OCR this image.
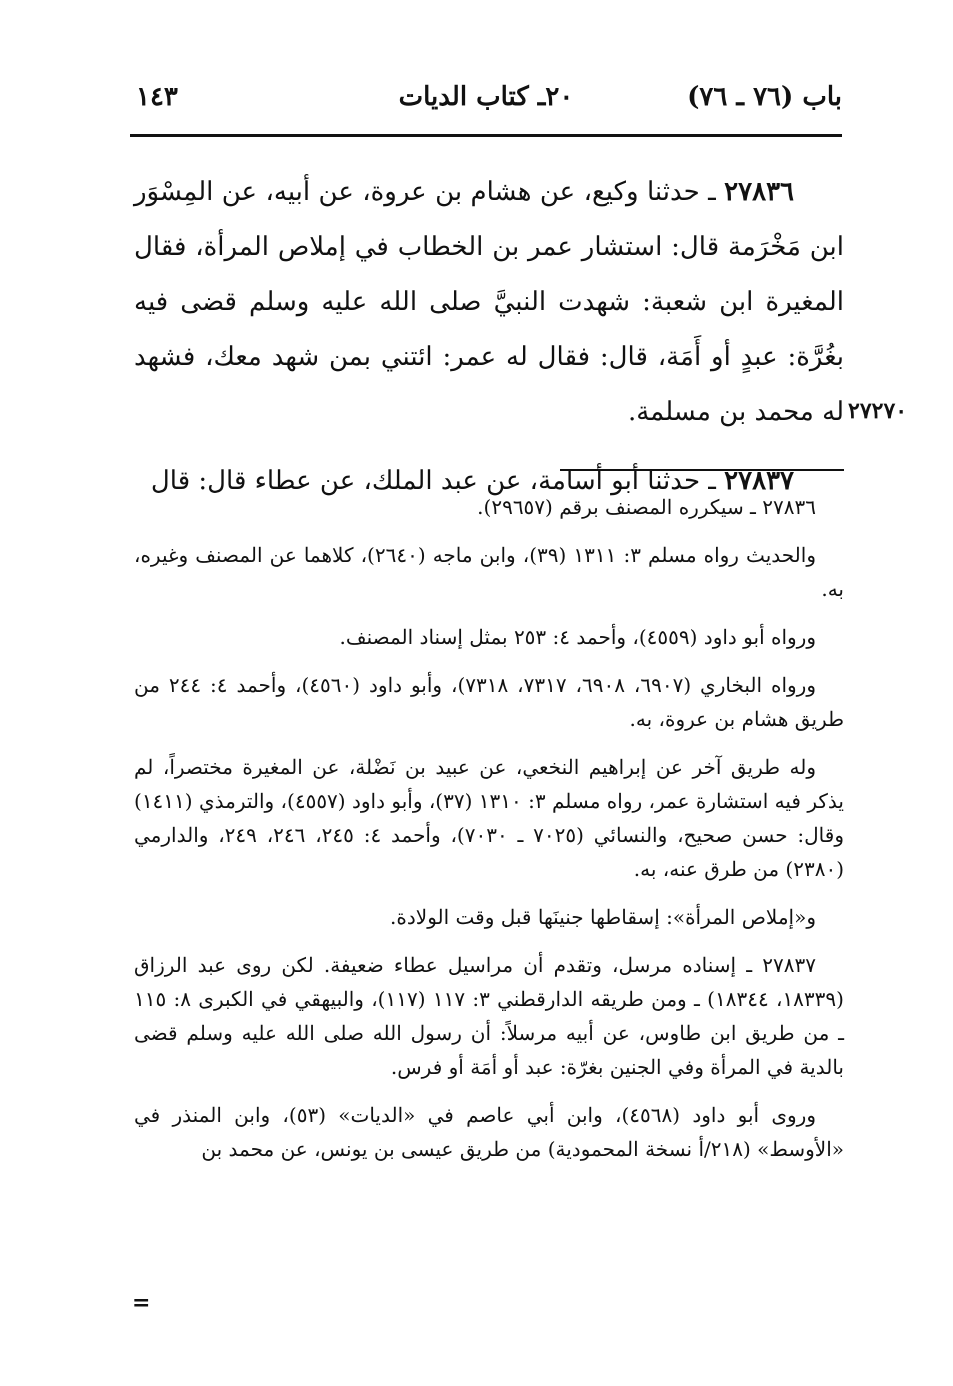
باب (٧٦ ـ ٧٦)
٢٠ـ كتاب الديات
١٤٣

٢٧٨٣٦ ـ حدثنا وكيع، عن هشام بن عروة، عن أبيه، عن المِسْوَر ابن مَخْرَمة قال: استشار عمر بن الخطاب في إملاص المرأة، فقال المغيرة ابن شعبة: شهدت النبيَّ صلى الله عليه وسلم قضى فيه بغُرَّة: عبدٍ أو أَمَة، قال: فقال له عمر: ائتني بمن شهد معك، فشهد له محمد بن مسلمة.

٢٧٨٣٧ ـ حدثنا أبو أسامة، عن عبد الملك، عن عطاء قال: قال

٢٧٢٧٠

٢٧٨٣٦ ـ سيكرره المصنف برقم (٢٩٦٥٧).

والحديث رواه مسلم ٣: ١٣١١ (٣٩)، وابن ماجه (٢٦٤٠)، كلاهما عن المصنف وغيره، به.

ورواه أبو داود (٤٥٥٩)، وأحمد ٤: ٢٥٣ بمثل إسناد المصنف.

ورواه البخاري (٦٩٠٧، ٦٩٠٨، ٧٣١٧، ٧٣١٨)، وأبو داود (٤٥٦٠)، وأحمد ٤: ٢٤٤ من طريق هشام بن عروة، به.

وله طريق آخر عن إبراهيم النخعي، عن عبيد بن نَضْلة، عن المغيرة مختصراً، لم يذكر فيه استشارة عمر، رواه مسلم ٣: ١٣١٠ (٣٧)، وأبو داود (٤٥٥٧)، والترمذي (١٤١١) وقال: حسن صحيح، والنسائي (٧٠٢٥ ـ ٧٠٣٠)، وأحمد ٤: ٢٤٥، ٢٤٦، ٢٤٩، والدارمي (٢٣٨٠) من طرق عنه، به.

و«إملاص المرأة»: إسقاطها جنينَها قبل وقت الولادة.

٢٧٨٣٧ ـ إسناده مرسل، وتقدم أن مراسيل عطاء ضعيفة. لكن روى عبد الرزاق (١٨٣٣٩، ١٨٣٤٤) ـ ومن طريقه الدارقطني ٣: ١١٧ (١١٧)، والبيهقي في الكبرى ٨: ١١٥ ـ من طريق ابن طاوس، عن أبيه مرسلاً: أن رسول الله صلى الله عليه وسلم قضى بالدية في المرأة وفي الجنين بغرّة: عبد أو أمَة أو فرس.

وروى أبو داود (٤٥٦٨)، وابن أبي عاصم في «الديات» (٥٣)، وابن المنذر في «الأوسط» (٢١٨/أ نسخة المحمودية) من طريق عيسى بن يونس، عن محمد بن

=
